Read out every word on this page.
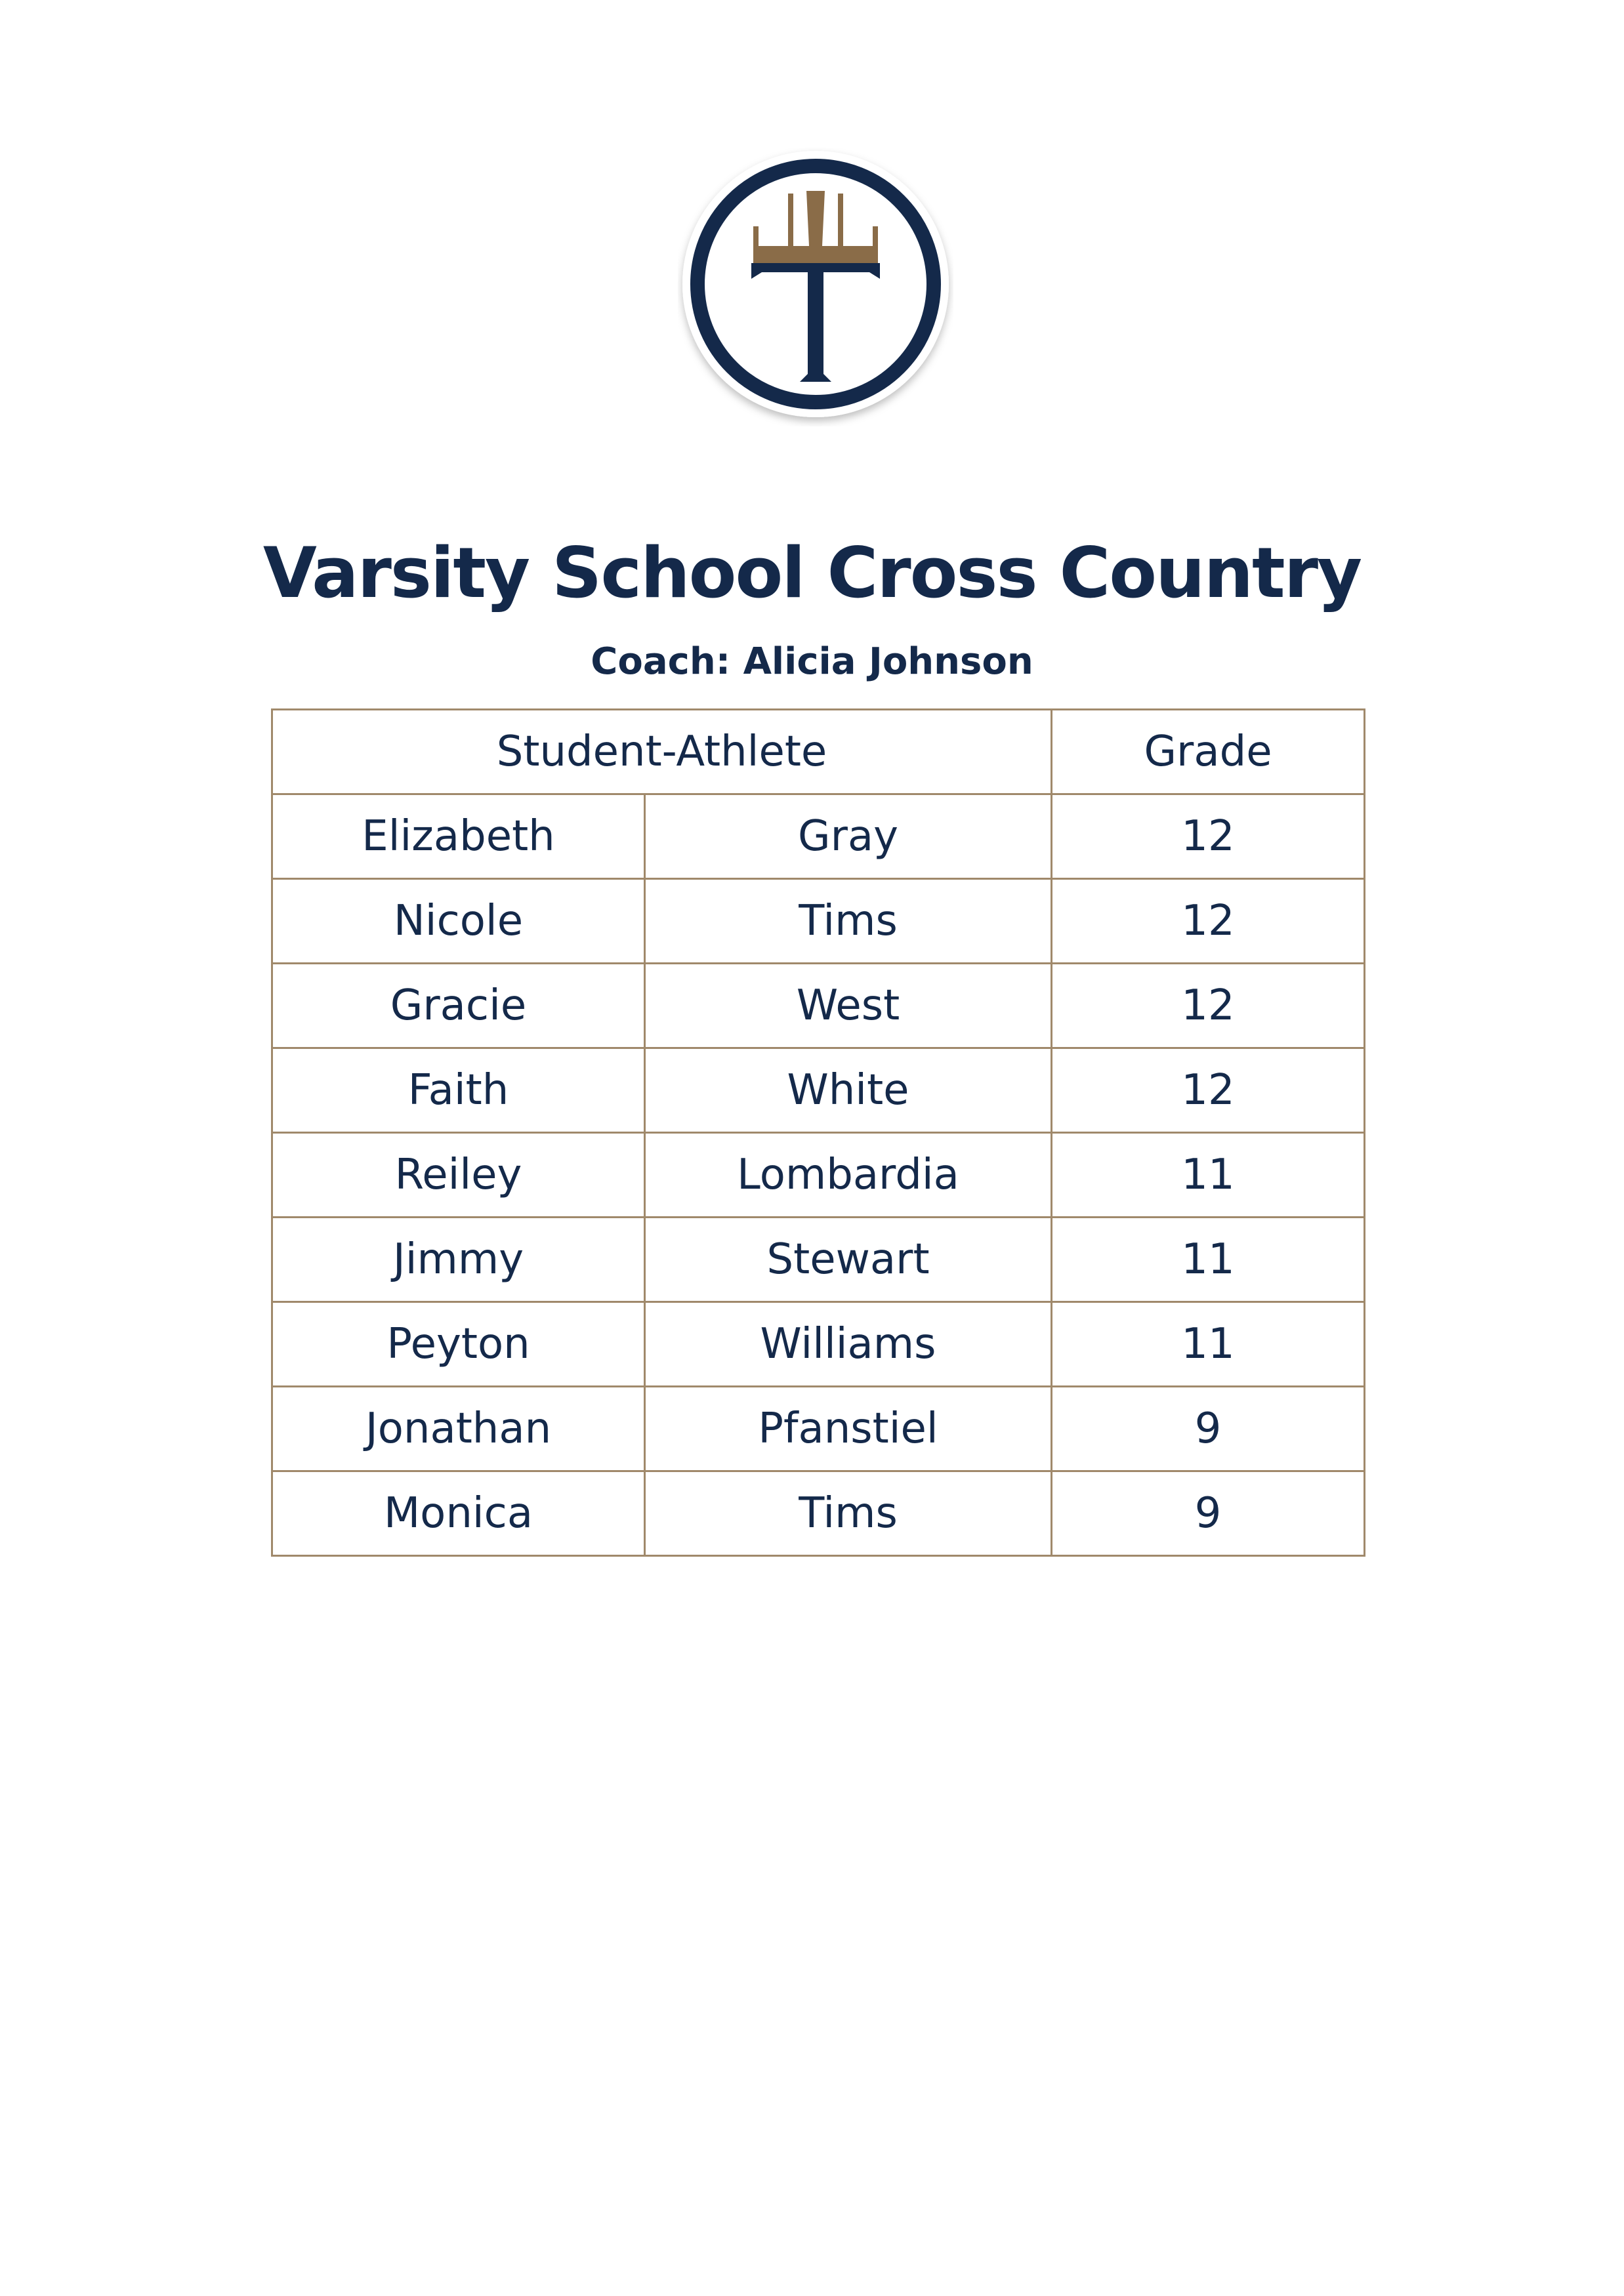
Varsity School Cross Country
Coach: Alicia Johnson
Student-Athlete		Grade
Elizabeth	Gray	12
Nicole	Tims	12
Gracie	West	12
Faith	White	12
Reiley	Lombardia	11
Jimmy	Stewart	11
Peyton	Williams	11
Jonathan	Pfanstiel	9
Monica	Tims	9
